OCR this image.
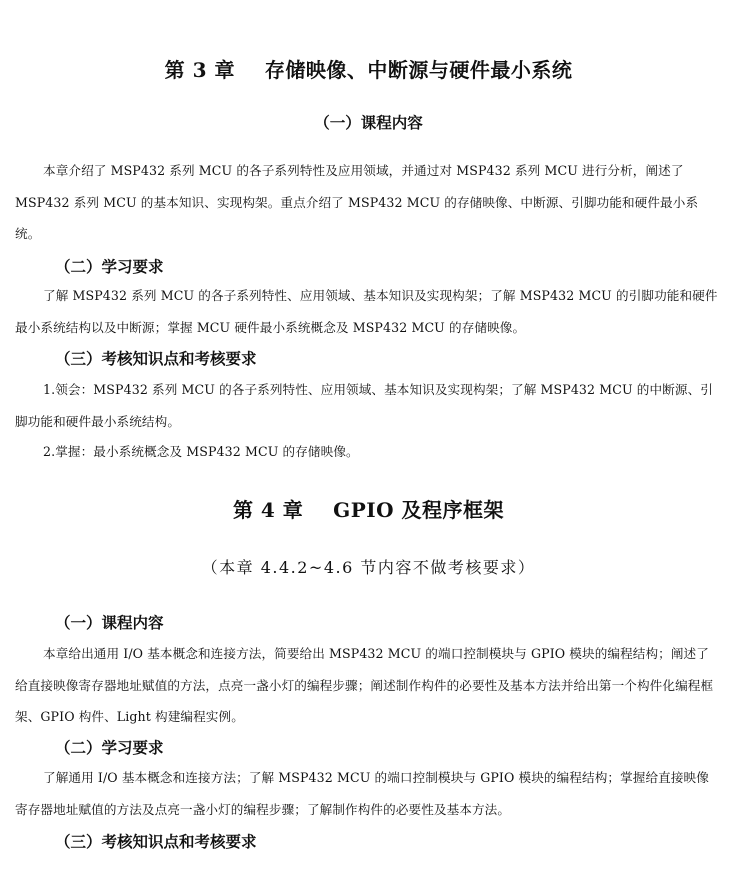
第 3 章    存储映像、中断源与硬件最小系统
（一）课程内容
本章介绍了 MSP432 系列 MCU 的各子系列特性及应用领域，并通过对 MSP432 系列 MCU 进行分析，阐述了 MSP432 系列 MCU 的基本知识、实现构架。重点介绍了 MSP432 MCU 的存储映像、中断源、引脚功能和硬件最小系统。
（二）学习要求
了解 MSP432 系列 MCU 的各子系列特性、应用领域、基本知识及实现构架；了解 MSP432 MCU 的引脚功能和硬件最小系统结构以及中断源；掌握 MCU 硬件最小系统概念及 MSP432 MCU 的存储映像。
（三）考核知识点和考核要求
1.领会：MSP432 系列 MCU 的各子系列特性、应用领域、基本知识及实现构架；了解 MSP432 MCU 的中断源、引脚功能和硬件最小系统结构。
2.掌握：最小系统概念及 MSP432 MCU 的存储映像。
第 4 章    GPIO 及程序框架
（本章 4.4.2~4.6 节内容不做考核要求）
（一）课程内容
本章给出通用 I/O 基本概念和连接方法，简要给出 MSP432 MCU 的端口控制模块与 GPIO 模块的编程结构；阐述了给直接映像寄存器地址赋值的方法，点亮一盏小灯的编程步骤；阐述制作构件的必要性及基本方法并给出第一个构件化编程框架、GPIO 构件、Light 构建编程实例。
（二）学习要求
了解通用 I/O 基本概念和连接方法；了解 MSP432 MCU 的端口控制模块与 GPIO 模块的编程结构；掌握给直接映像寄存器地址赋值的方法及点亮一盏小灯的编程步骤；了解制作构件的必要性及基本方法。
（三）考核知识点和考核要求
